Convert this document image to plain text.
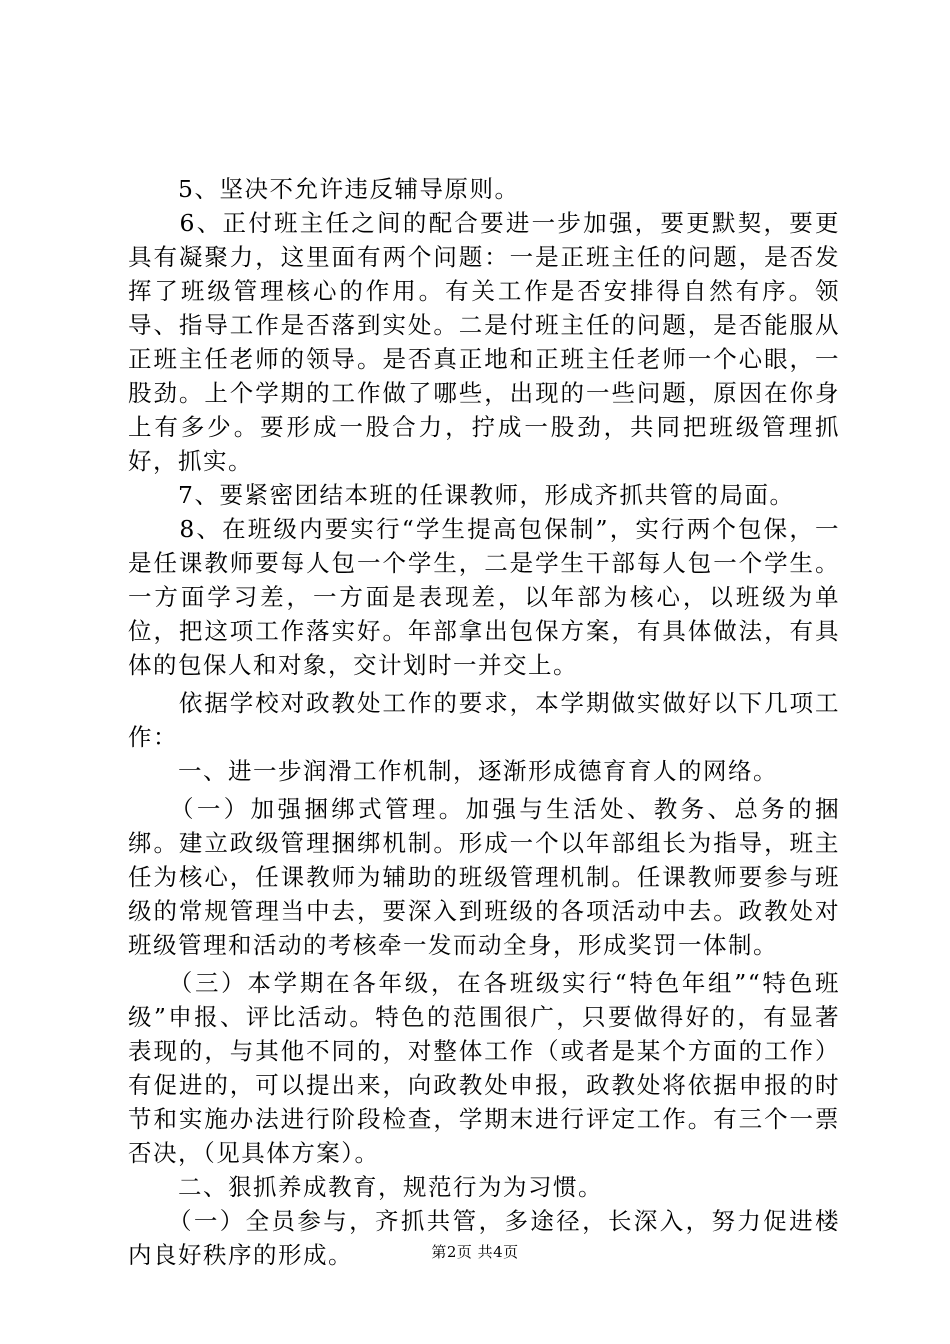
　　5、坚决不允许违反辅导原则。

　　6、正付班主任之间的配合要进一步加强，要更默契，要更具有凝聚力，这里面有两个问题：一是正班主任的问题，是否发挥了班级管理核心的作用。有关工作是否安排得自然有序。领导、指导工作是否落到实处。二是付班主任的问题，是否能服从正班主任老师的领导。是否真正地和正班主任老师一个心眼，一股劲。上个学期的工作做了哪些，出现的一些问题，原因在你身上有多少。要形成一股合力，拧成一股劲，共同把班级管理抓好，抓实。

　　7、要紧密团结本班的任课教师，形成齐抓共管的局面。

　　8、在班级内要实行“学生提高包保制”，实行两个包保，一是任课教师要每人包一个学生，二是学生干部每人包一个学生。一方面学习差，一方面是表现差，以年部为核心，以班级为单位，把这项工作落实好。年部拿出包保方案，有具体做法，有具体的包保人和对象，交计划时一并交上。

　　依据学校对政教处工作的要求，本学期做实做好以下几项工作：

　　一、进一步润滑工作机制，逐渐形成德育育人的网络。

　　（一）加强捆绑式管理。加强与生活处、教务、总务的捆绑。建立政级管理捆绑机制。形成一个以年部组长为指导，班主任为核心，任课教师为辅助的班级管理机制。任课教师要参与班级的常规管理当中去，要深入到班级的各项活动中去。政教处对班级管理和活动的考核牵一发而动全身，形成奖罚一体制。

　　（三）本学期在各年级，在各班级实行“特色年组”“特色班级”申报、评比活动。特色的范围很广，只要做得好的，有显著表现的，与其他不同的，对整体工作（或者是某个方面的工作）有促进的，可以提出来，向政教处申报，政教处将依据申报的时节和实施办法进行阶段检查，学期末进行评定工作。有三个一票否决，（见具体方案）。

　　二、狠抓养成教育，规范行为为习惯。

　　（一）全员参与，齐抓共管，多途径，长深入，努力促进楼内良好秩序的形成。	第2页 共4页
